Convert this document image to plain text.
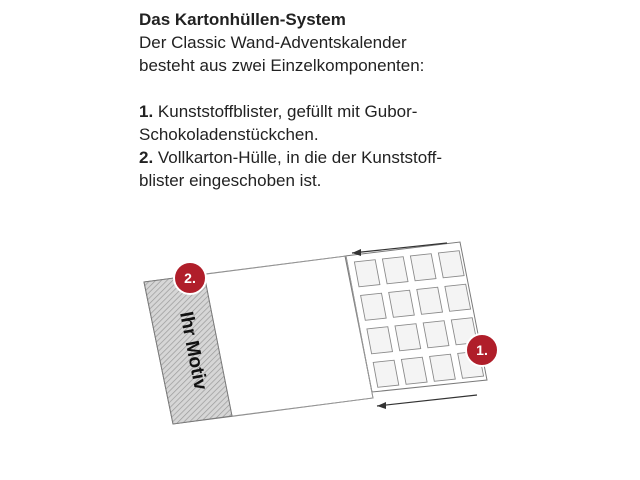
Das Kartonhüllen-System

Der Classic Wand-Adventskalender

besteht aus zwei Einzelkomponenten:

1. Kunststoffblister, gefüllt mit Gubor-

Schokoladenstückchen.

2. Vollkarton-Hülle, in die der Kunststoff-

blister eingeschoben ist.

Ihr Motiv
2.
1.
